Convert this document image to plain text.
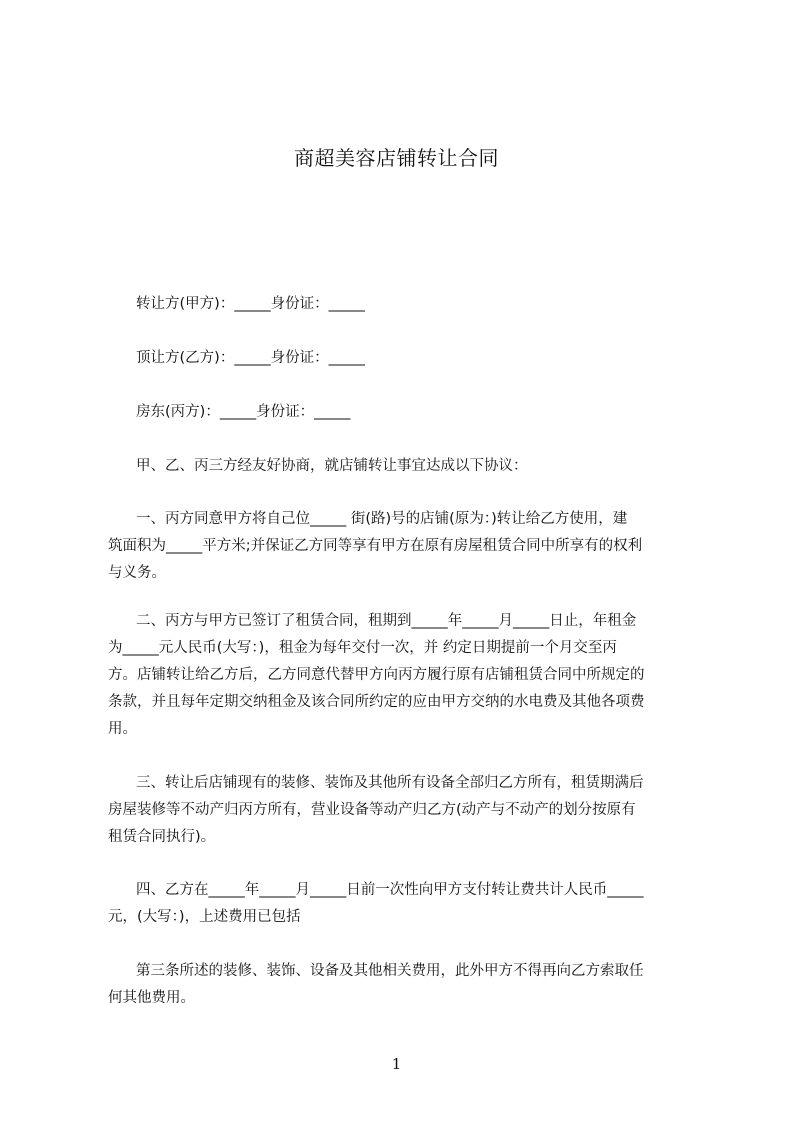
商超美容店铺转让合同
转让方(甲方)：_____身份证：_____
顶让方(乙方)：_____身份证：_____
房东(丙方)：_____身份证：_____
甲、乙、丙三方经友好协商，就店铺转让事宜达成以下协议：
一、丙方同意甲方将自己位_____ 街(路)号的店铺(原为：)转让给乙方使用，建
筑面积为_____平方米;并保证乙方同等享有甲方在原有房屋租赁合同中所享有的权利
与义务。
二、丙方与甲方已签订了租赁合同，租期到_____年_____月_____日止，年租金
为_____元人民币(大写：)，租金为每年交付一次，并 约定日期提前一个月交至丙
方。店铺转让给乙方后，乙方同意代替甲方向丙方履行原有店铺租赁合同中所规定的
条款，并且每年定期交纳租金及该合同所约定的应由甲方交纳的水电费及其他各项费
用。
三、转让后店铺现有的装修、装饰及其他所有设备全部归乙方所有，租赁期满后
房屋装修等不动产归丙方所有，营业设备等动产归乙方(动产与不动产的划分按原有
租赁合同执行)。
四、乙方在_____年_____月_____日前一次性向甲方支付转让费共计人民币_____
元，(大写：)，上述费用已包括
第三条所述的装修、装饰、设备及其他相关费用，此外甲方不得再向乙方索取任
何其他费用。
1
